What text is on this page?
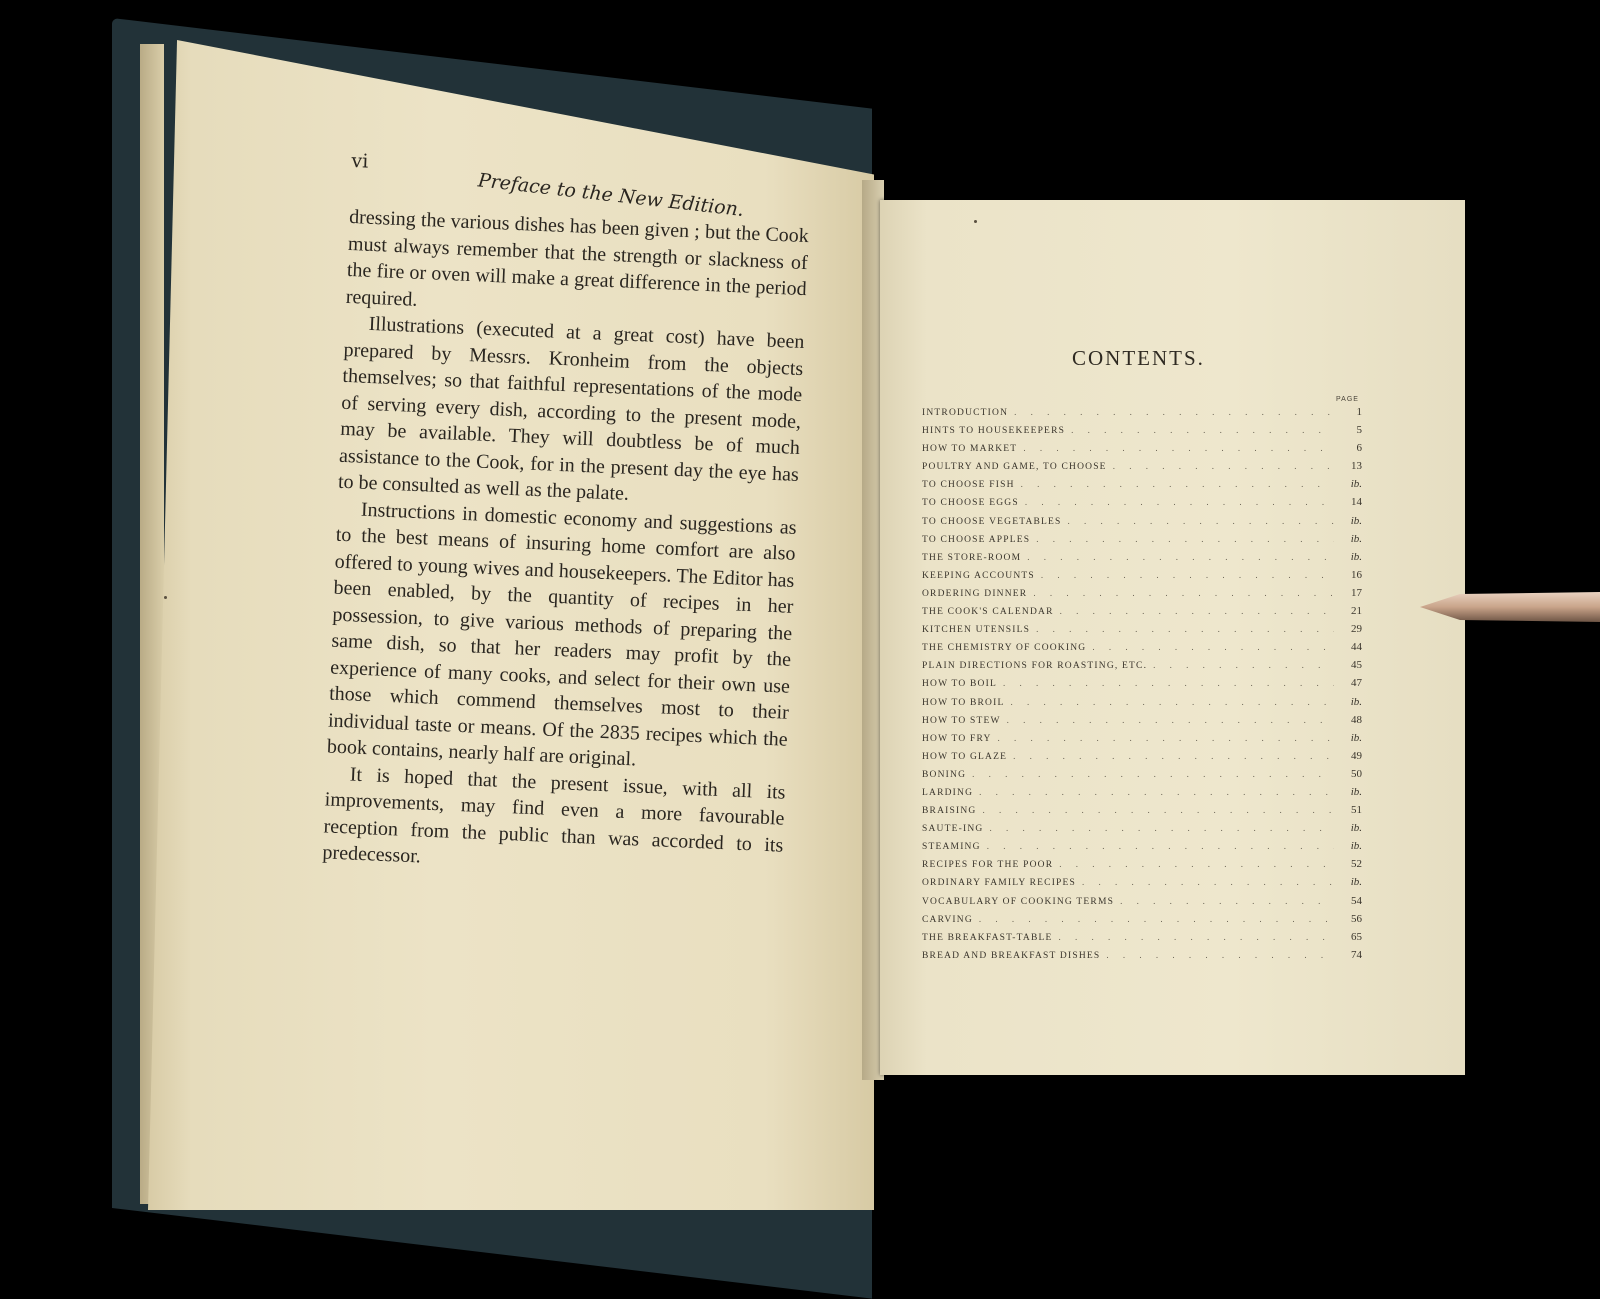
vi
Preface to the New Edition.

dressing the various dishes has been given ; but the Cook must always remember that the strength or slackness of the fire or oven will make a great difference in the period required.

Illustrations (executed at a great cost) have been prepared by Messrs. Kronheim from the objects themselves; so that faithful representations of the mode of serving every dish, according to the present mode, may be available. They will doubtless be of much assistance to the Cook, for in the present day the eye has to be consulted as well as the palate.

Instructions in domestic economy and suggestions as to the best means of insuring home comfort are also offered to young wives and housekeepers. The Editor has been enabled, by the quantity of recipes in her possession, to give various methods of preparing the same dish, so that her readers may profit by the experience of many cooks, and select for their own use those which commend themselves most to their individual taste or means. Of the 2835 recipes which the book contains, nearly half are original.

It is hoped that the present issue, with all its improvements, may find even a more favourable reception from the public than was accorded to its predecessor.

CONTENTS.
PAGE
INTRODUCTION . . .	1
HINTS TO HOUSEKEEPERS . . .	5
HOW TO MARKET . . .	6
POULTRY AND GAME, TO CHOOSE . . .	13
TO CHOOSE FISH . . .	ib.
TO CHOOSE EGGS . . .	14
TO CHOOSE VEGETABLES . . .	ib.
TO CHOOSE APPLES . . .	ib.
THE STORE-ROOM . . .	ib.
KEEPING ACCOUNTS . . .	16
ORDERING DINNER . . .	17
THE COOK'S CALENDAR . . .	21
KITCHEN UTENSILS . . .	29
THE CHEMISTRY OF COOKING . . .	44
PLAIN DIRECTIONS FOR ROASTING, ETC. . . .	45
HOW TO BOIL . . .	47
HOW TO BROIL . . .	ib.
HOW TO STEW . . .	48
HOW TO FRY . . .	ib.
HOW TO GLAZE . . .	49
BONING . . .	50
LARDING . . .	ib.
BRAISING . . .	51
SAUTE-ING . . .	ib.
STEAMING . . .	ib.
RECIPES FOR THE POOR . . .	52
ORDINARY FAMILY RECIPES . . .	ib.
VOCABULARY OF COOKING TERMS . . .	54
CARVING . . .	56
THE BREAKFAST-TABLE . . .	65
BREAD AND BREAKFAST DISHES . . .	74
